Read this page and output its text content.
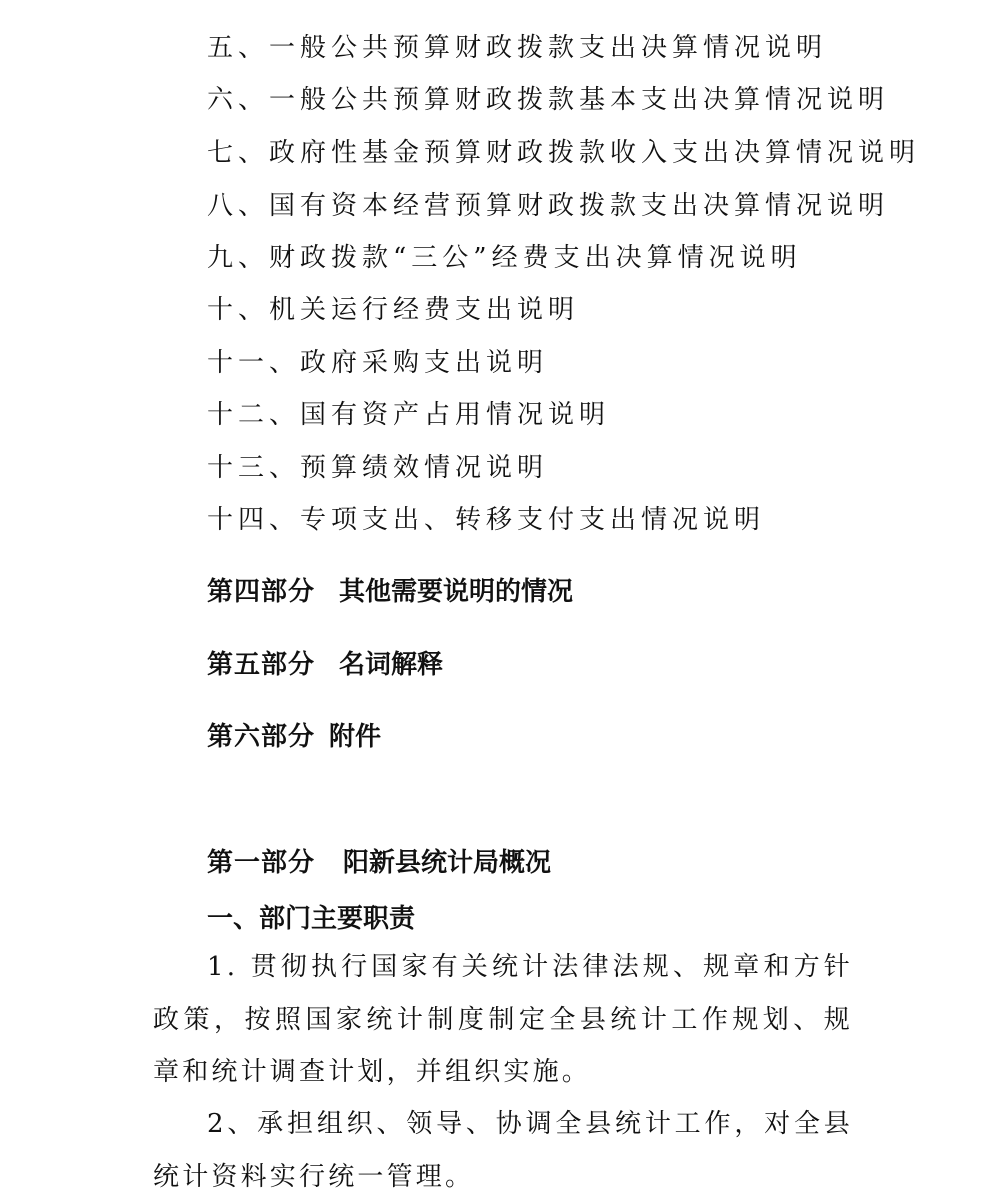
五、一般公共预算财政拨款支出决算情况说明
六、一般公共预算财政拨款基本支出决算情况说明
七、政府性基金预算财政拨款收入支出决算情况说明
八、国有资本经营预算财政拨款支出决算情况说明
九、财政拨款“三公”经费支出决算情况说明
十、机关运行经费支出说明
十一、政府采购支出说明
十二、国有资产占用情况说明
十三、预算绩效情况说明
十四、专项支出、转移支付支出情况说明
第四部分 其他需要说明的情况
第五部分 名词解释
第六部分 附件
第一部分 阳新县统计局概况
一、部门主要职责
1. 贯彻执行国家有关统计法律法规、规章和方针政策，按照国家统计制度制定全县统计工作规划、规章和统计调查计划，并组织实施。
2、承担组织、领导、协调全县统计工作，对全县统计资料实行统一管理。
